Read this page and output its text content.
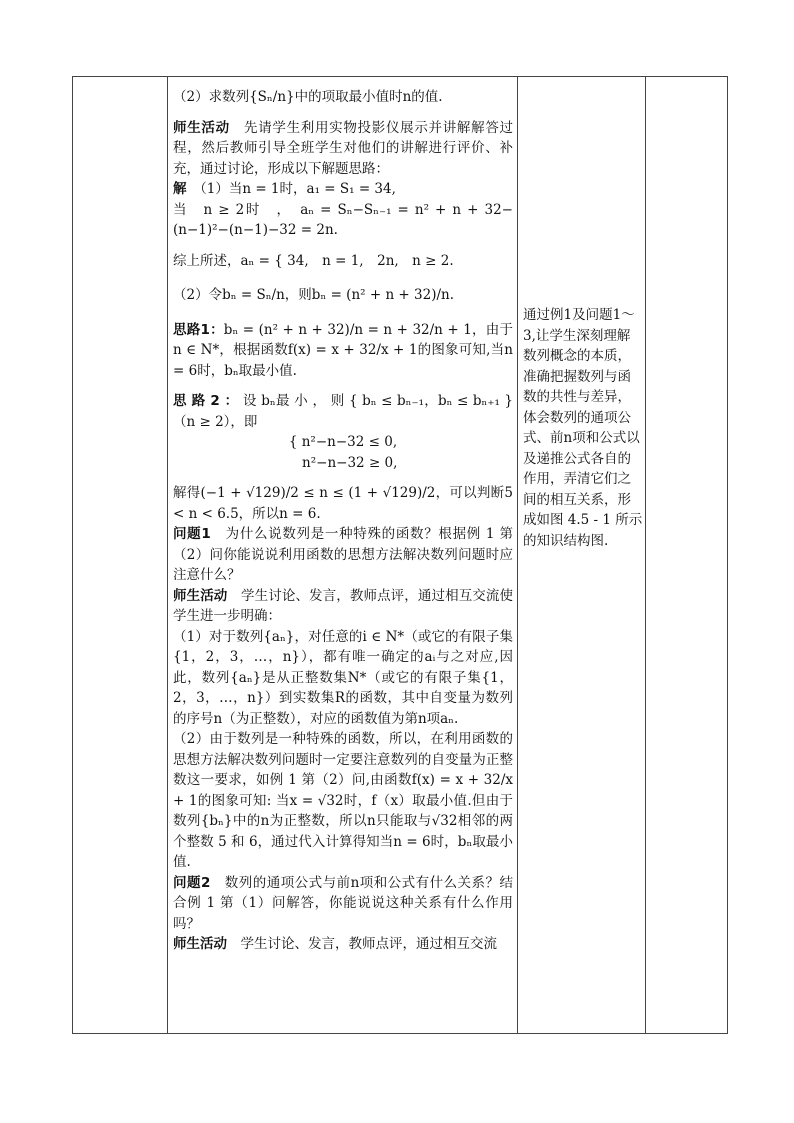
（2）求数列{Sₙ/n}中的项取最小值时n的值.

师生活动　先请学生利用实物投影仪展示并讲解解答过程，然后教师引导全班学生对他们的讲解进行评价、补充，通过讨论，形成以下解题思路：

解　（1）当n = 1时，a₁ = S₁ = 34,

当　n ≥ 2时　，　aₙ = Sₙ−Sₙ₋₁ = n² + n + 32−(n−1)²−(n−1)−32 = 2n.

综上所述，aₙ = { 34,　n = 1,　2n,　n ≥ 2.

（2）令bₙ = Sₙ/n，则bₙ = (n² + n + 32)/n.

思路1：bₙ = (n² + n + 32)/n = n + 32/n + 1，由于n ∈ N*，根据函数f(x) = x + 32/x + 1的图象可知,当n = 6时，bₙ取最小值.

思 路 2 ： 设 bₙ最 小 ， 则 { bₙ ≤ bₙ₋₁，bₙ ≤ bₙ₊₁ }（n ≥ 2），即

{ n²−n−32 ≤ 0,

　n²−n−32 ≥ 0,

解得(−1 + √129)/2 ≤ n ≤ (1 + √129)/2，可以判断5 < n < 6.5，所以n = 6.

问题1　为什么说数列是一种特殊的函数？根据例 1 第（2）问你能说说利用函数的思想方法解决数列问题时应注意什么？

师生活动　学生讨论、发言，教师点评，通过相互交流使学生进一步明确：

（1）对于数列{aₙ}，对任意的i ∈ N*（或它的有限子集{1，2，3，…，n}），都有唯一确定的aᵢ与之对应,因此，数列{aₙ}是从正整数集N*（或它的有限子集{1，2，3，…，n}）到实数集R的函数，其中自变量为数列的序号n（为正整数），对应的函数值为第n项aₙ.

（2）由于数列是一种特殊的函数，所以，在利用函数的思想方法解决数列问题时一定要注意数列的自变量为正整数这一要求，如例 1 第（2）问,由函数f(x) = x + 32/x + 1的图象可知: 当x = √32时，f（x）取最小值.但由于数列{bₙ}中的n为正整数，所以n只能取与√32相邻的两个整数 5 和 6，通过代入计算得知当n = 6时，bₙ取最小值.

问题2　数列的通项公式与前n项和公式有什么关系？结合例 1 第（1）问解答，你能说说这种关系有什么作用吗？

师生活动　学生讨论、发言，教师点评，通过相互交流

通过例1及问题1～3,让学生深刻理解数列概念的本质，准确把握数列与函数的共性与差异，体会数列的通项公式、前n项和公式以及递推公式各自的作用，弄清它们之间的相互关系，形成如图 4.5 - 1 所示的知识结构图.
